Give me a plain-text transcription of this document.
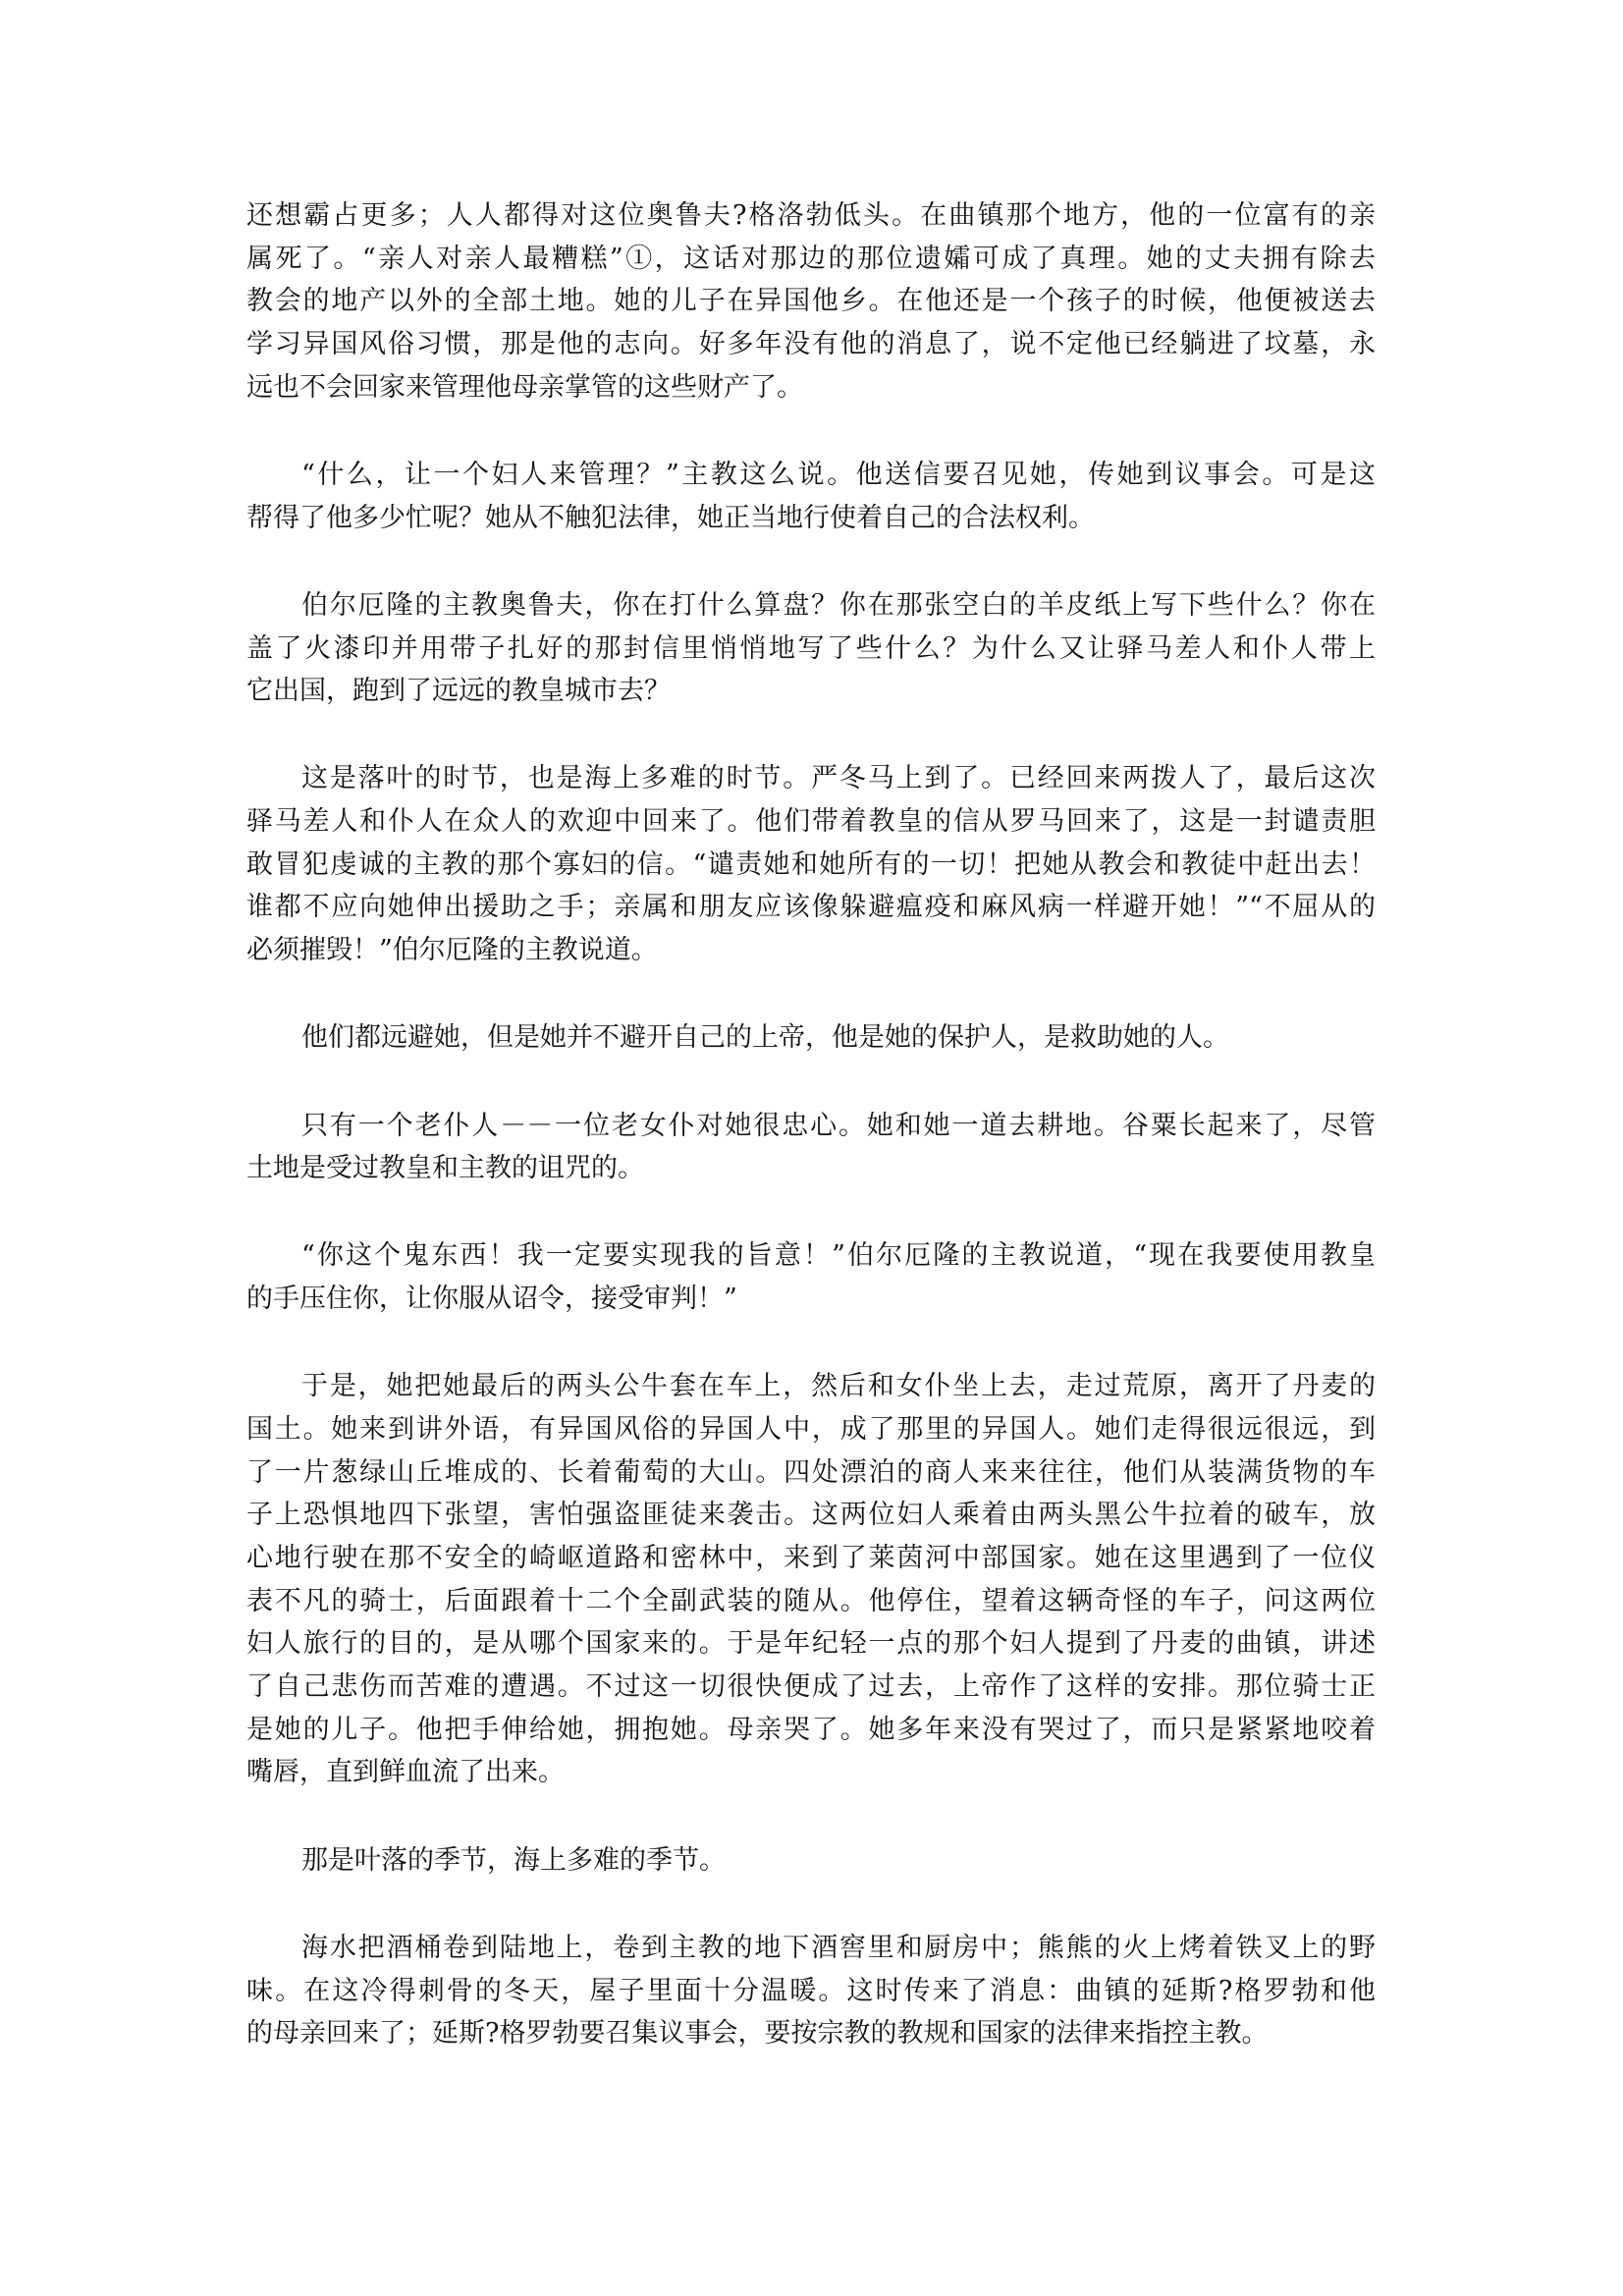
还想霸占更多；人人都得对这位奥鲁夫?格洛勃低头。在曲镇那个地方，他的一位富有的亲
属死了。“亲人对亲人最糟糕”①，这话对那边的那位遗孀可成了真理。她的丈夫拥有除去
教会的地产以外的全部土地。她的儿子在异国他乡。在他还是一个孩子的时候，他便被送去
学习异国风俗习惯，那是他的志向。好多年没有他的消息了，说不定他已经躺进了坟墓，永
远也不会回家来管理他母亲掌管的这些财产了。
“什么，让一个妇人来管理？”主教这么说。他送信要召见她，传她到议事会。可是这
帮得了他多少忙呢？她从不触犯法律，她正当地行使着自己的合法权利。
伯尔厄隆的主教奥鲁夫，你在打什么算盘？你在那张空白的羊皮纸上写下些什么？你在
盖了火漆印并用带子扎好的那封信里悄悄地写了些什么？为什么又让驿马差人和仆人带上
它出国，跑到了远远的教皇城市去？
这是落叶的时节，也是海上多难的时节。严冬马上到了。已经回来两拨人了，最后这次
驿马差人和仆人在众人的欢迎中回来了。他们带着教皇的信从罗马回来了，这是一封谴责胆
敢冒犯虔诚的主教的那个寡妇的信。“谴责她和她所有的一切！把她从教会和教徒中赶出去！
谁都不应向她伸出援助之手；亲属和朋友应该像躲避瘟疫和麻风病一样避开她！”“不屈从的
必须摧毁！”伯尔厄隆的主教说道。
他们都远避她，但是她并不避开自己的上帝，他是她的保护人，是救助她的人。
只有一个老仆人－－一位老女仆对她很忠心。她和她一道去耕地。谷粟长起来了，尽管
土地是受过教皇和主教的诅咒的。
“你这个鬼东西！我一定要实现我的旨意！”伯尔厄隆的主教说道，“现在我要使用教皇
的手压住你，让你服从诏令，接受审判！”
于是，她把她最后的两头公牛套在车上，然后和女仆坐上去，走过荒原，离开了丹麦的
国土。她来到讲外语，有异国风俗的异国人中，成了那里的异国人。她们走得很远很远，到
了一片葱绿山丘堆成的、长着葡萄的大山。四处漂泊的商人来来往往，他们从装满货物的车
子上恐惧地四下张望，害怕强盗匪徒来袭击。这两位妇人乘着由两头黑公牛拉着的破车，放
心地行驶在那不安全的崎岖道路和密林中，来到了莱茵河中部国家。她在这里遇到了一位仪
表不凡的骑士，后面跟着十二个全副武装的随从。他停住，望着这辆奇怪的车子，问这两位
妇人旅行的目的，是从哪个国家来的。于是年纪轻一点的那个妇人提到了丹麦的曲镇，讲述
了自己悲伤而苦难的遭遇。不过这一切很快便成了过去，上帝作了这样的安排。那位骑士正
是她的儿子。他把手伸给她，拥抱她。母亲哭了。她多年来没有哭过了，而只是紧紧地咬着
嘴唇，直到鲜血流了出来。
那是叶落的季节，海上多难的季节。
海水把酒桶卷到陆地上，卷到主教的地下酒窖里和厨房中；熊熊的火上烤着铁叉上的野
味。在这冷得刺骨的冬天，屋子里面十分温暖。这时传来了消息：曲镇的延斯?格罗勃和他
的母亲回来了；延斯?格罗勃要召集议事会，要按宗教的教规和国家的法律来指控主教。
